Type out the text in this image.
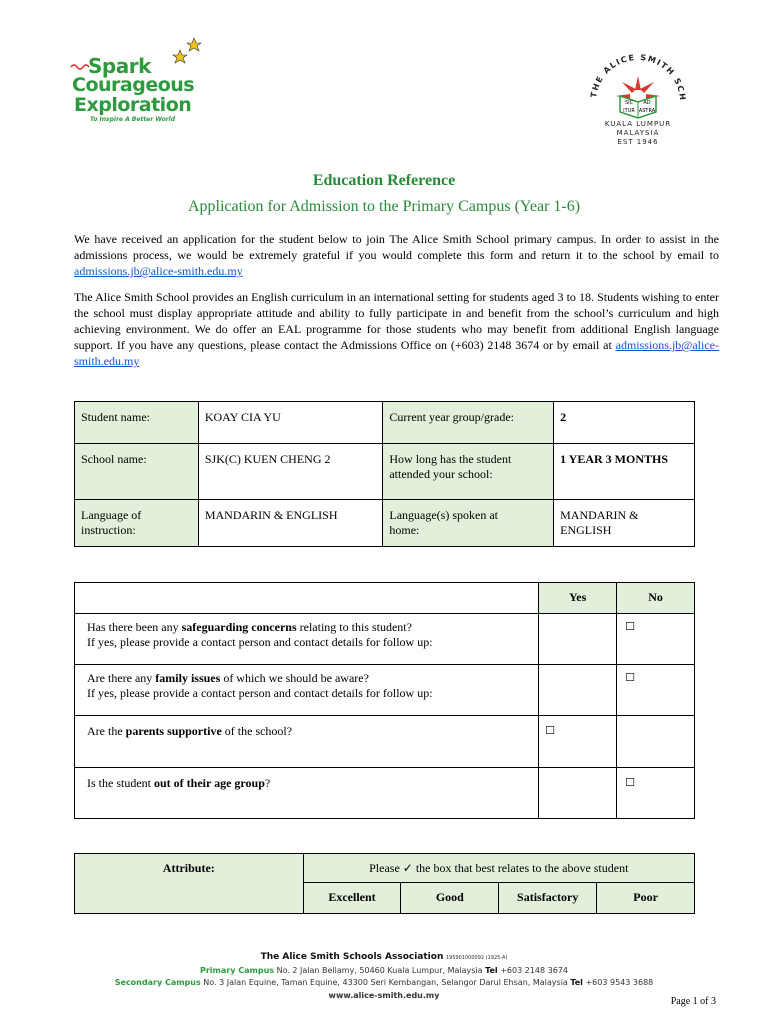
Spark
Courageous
Exploration
To Inspire A Better World
THE ALICE SMITH SCH
SIC AD
ITUR ASTRA
KUALA LUMPUR
MALAYSIA
EST 1946
Education Reference
Application for Admission to the Primary Campus (Year 1-6)
We have received an application for the student below to join The Alice Smith School primary campus. In order to assist in the admissions process, we would be extremely grateful if you would complete this form and return it to the school by email to admissions.jb@alice-smith.edu.my
The Alice Smith School provides an English curriculum in an international setting for students aged 3 to 18. Students wishing to enter the school must display appropriate attitude and ability to fully participate in and benefit from the school’s curriculum and high achieving environment. We do offer an EAL programme for those students who may benefit from additional English language support. If you have any questions, please contact the Admissions Office on (+603) 2148 3674 or by email at admissions.jb@alice-smith.edu.my
Student name:	KOAY CIA YU	Current year group/grade:	2
School name:	SJK(C) KUEN CHENG 2	How long has the student attended your school:	1 YEAR 3 MONTHS
Language of instruction:	MANDARIN & ENGLISH	Language(s) spoken at home:	MANDARIN & ENGLISH
	Yes	No
Has there been any safeguarding concerns relating to this student?
If yes, please provide a contact person and contact details for follow up:		☐
Are there any family issues of which we should be aware?
If yes, please provide a contact person and contact details for follow up:		☐
Are the parents supportive of the school?	☐	
Is the student out of their age group?		☐
Attribute:	Please ✓ the box that best relates to the above student			
	Excellent	Good	Satisfactory	Poor
The Alice Smith Schools Association 195901000092 (1925-A)
Primary Campus No. 2 Jalan Bellamy, 50460 Kuala Lumpur, Malaysia Tel +603 2148 3674
Secondary Campus No. 3 Jalan Equine, Taman Equine, 43300 Seri Kembangan, Selangor Darul Ehsan, Malaysia Tel +603 9543 3688
www.alice-smith.edu.my
Page 1 of 3
